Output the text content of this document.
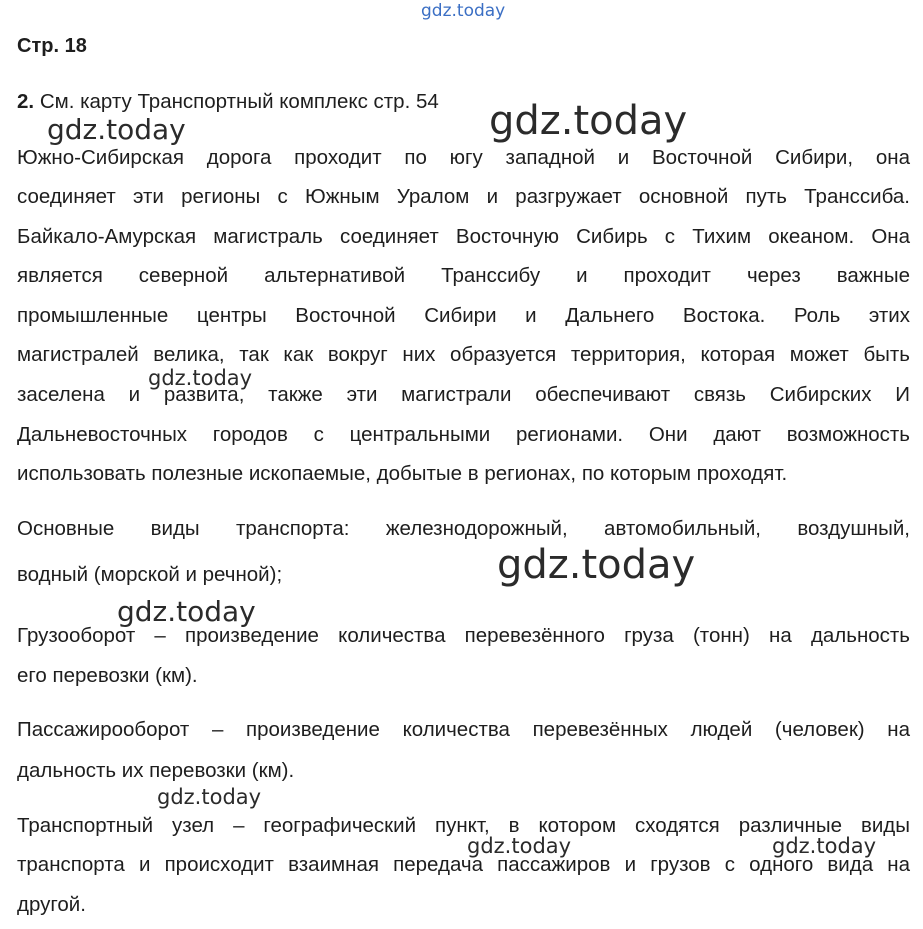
Стр. 18
2. См. карту Транспортный комплекс стр. 54
Южно-Сибирская дорога проходит по югу западной и Восточной Сибири, она
соединяет эти регионы с Южным Уралом и разгружает основной путь Транссиба.
Байкало-Амурская магистраль соединяет Восточную Сибирь с Тихим океаном. Она
является северной альтернативой Транссибу и проходит через важные
промышленные центры Восточной Сибири и Дальнего Востока. Роль этих
магистралей велика, так как вокруг них образуется территория, которая может быть
заселена и развита, также эти магистрали обеспечивают связь Сибирских И
Дальневосточных городов с центральными регионами. Они дают возможность
использовать полезные ископаемые, добытые в регионах, по которым проходят.
Основные виды транспорта: железнодорожный, автомобильный, воздушный,
водный (морской и речной);
Грузооборот – произведение количества перевезённого груза (тонн) на дальность
его перевозки (км).
Пассажирооборот – произведение количества перевезённых людей (человек) на
дальность их перевозки (км).
Транспортный узел – географический пункт, в котором сходятся различные виды
транспорта и происходит взаимная передача пассажиров и грузов с одного вида на
другой.
gdz.today
gdz.today	gdz.today
gdz.today
gdz.today
gdz.today
gdz.today
gdz.today	gdz.today
